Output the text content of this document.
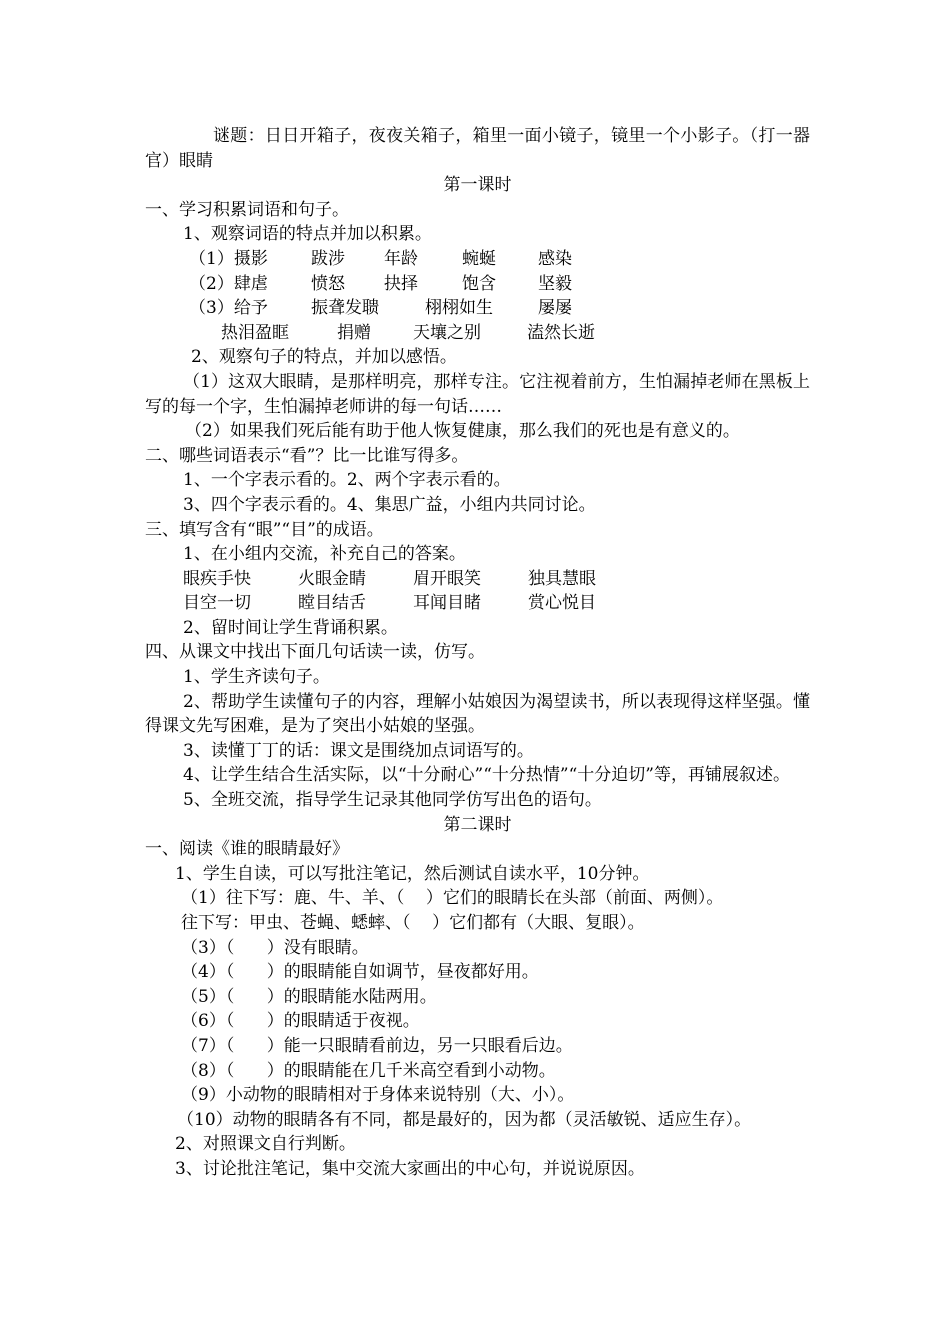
谜题：日日开箱子，夜夜关箱子，箱里一面小镜子，镜里一个小影子。（打一器官）眼睛

第一课时
一、学习积累词语和句子。
1、观察词语的特点并加以积累。
（1）摄影	跋涉	年龄	蜿蜒	感染
（2）肆虐	愤怒	抉择	饱含	坚毅
（3）给予	振聋发聩	栩栩如生	屡屡
热泪盈眶	捐赠	天壤之别	溘然长逝
2、观察句子的特点，并加以感悟。

（1）这双大眼睛，是那样明亮，那样专注。它注视着前方，生怕漏掉老师在黑板上写的每一个字，生怕漏掉老师讲的每一句话……

（2）如果我们死后能有助于他人恢复健康，那么我们的死也是有意义的。
二、哪些词语表示“看”？比一比谁写得多。
1、一个字表示看的。2、两个字表示看的。
3、四个字表示看的。4、集思广益，小组内共同讨论。
三、填写含有“眼”“目”的成语。
1、在小组内交流，补充自己的答案。
眼疾手快	火眼金睛	眉开眼笑	独具慧眼
目空一切	瞠目结舌	耳闻目睹	赏心悦目
2、留时间让学生背诵积累。
四、从课文中找出下面几句话读一读，仿写。
1、学生齐读句子。

2、帮助学生读懂句子的内容，理解小姑娘因为渴望读书，所以表现得这样坚强。懂得课文先写困难，是为了突出小姑娘的坚强。

3、读懂丁丁的话：课文是围绕加点词语写的。

4、让学生结合生活实际，以“十分耐心”“十分热情”“十分迫切”等，再铺展叙述。

5、全班交流，指导学生记录其他同学仿写出色的语句。
第二课时
一、阅读《谁的眼睛最好》
1、学生自读，可以写批注笔记，然后测试自读水平，10分钟。
（1）往下写：鹿、牛、羊、（    ）它们的眼睛长在头部（前面、两侧）。
往下写：甲虫、苍蝇、蟋蟀、（    ）它们都有（大眼、复眼）。
（3）（      ）没有眼睛。
（4）（      ）的眼睛能自如调节，昼夜都好用。
（5）（      ）的眼睛能水陆两用。
（6）（      ）的眼睛适于夜视。
（7）（      ）能一只眼睛看前边，另一只眼看后边。
（8）（      ）的眼睛能在几千米高空看到小动物。
（9）小动物的眼睛相对于身体来说特别（大、小）。
（10）动物的眼睛各有不同，都是最好的，因为都（灵活敏锐、适应生存）。
2、对照课文自行判断。
3、讨论批注笔记，集中交流大家画出的中心句，并说说原因。
